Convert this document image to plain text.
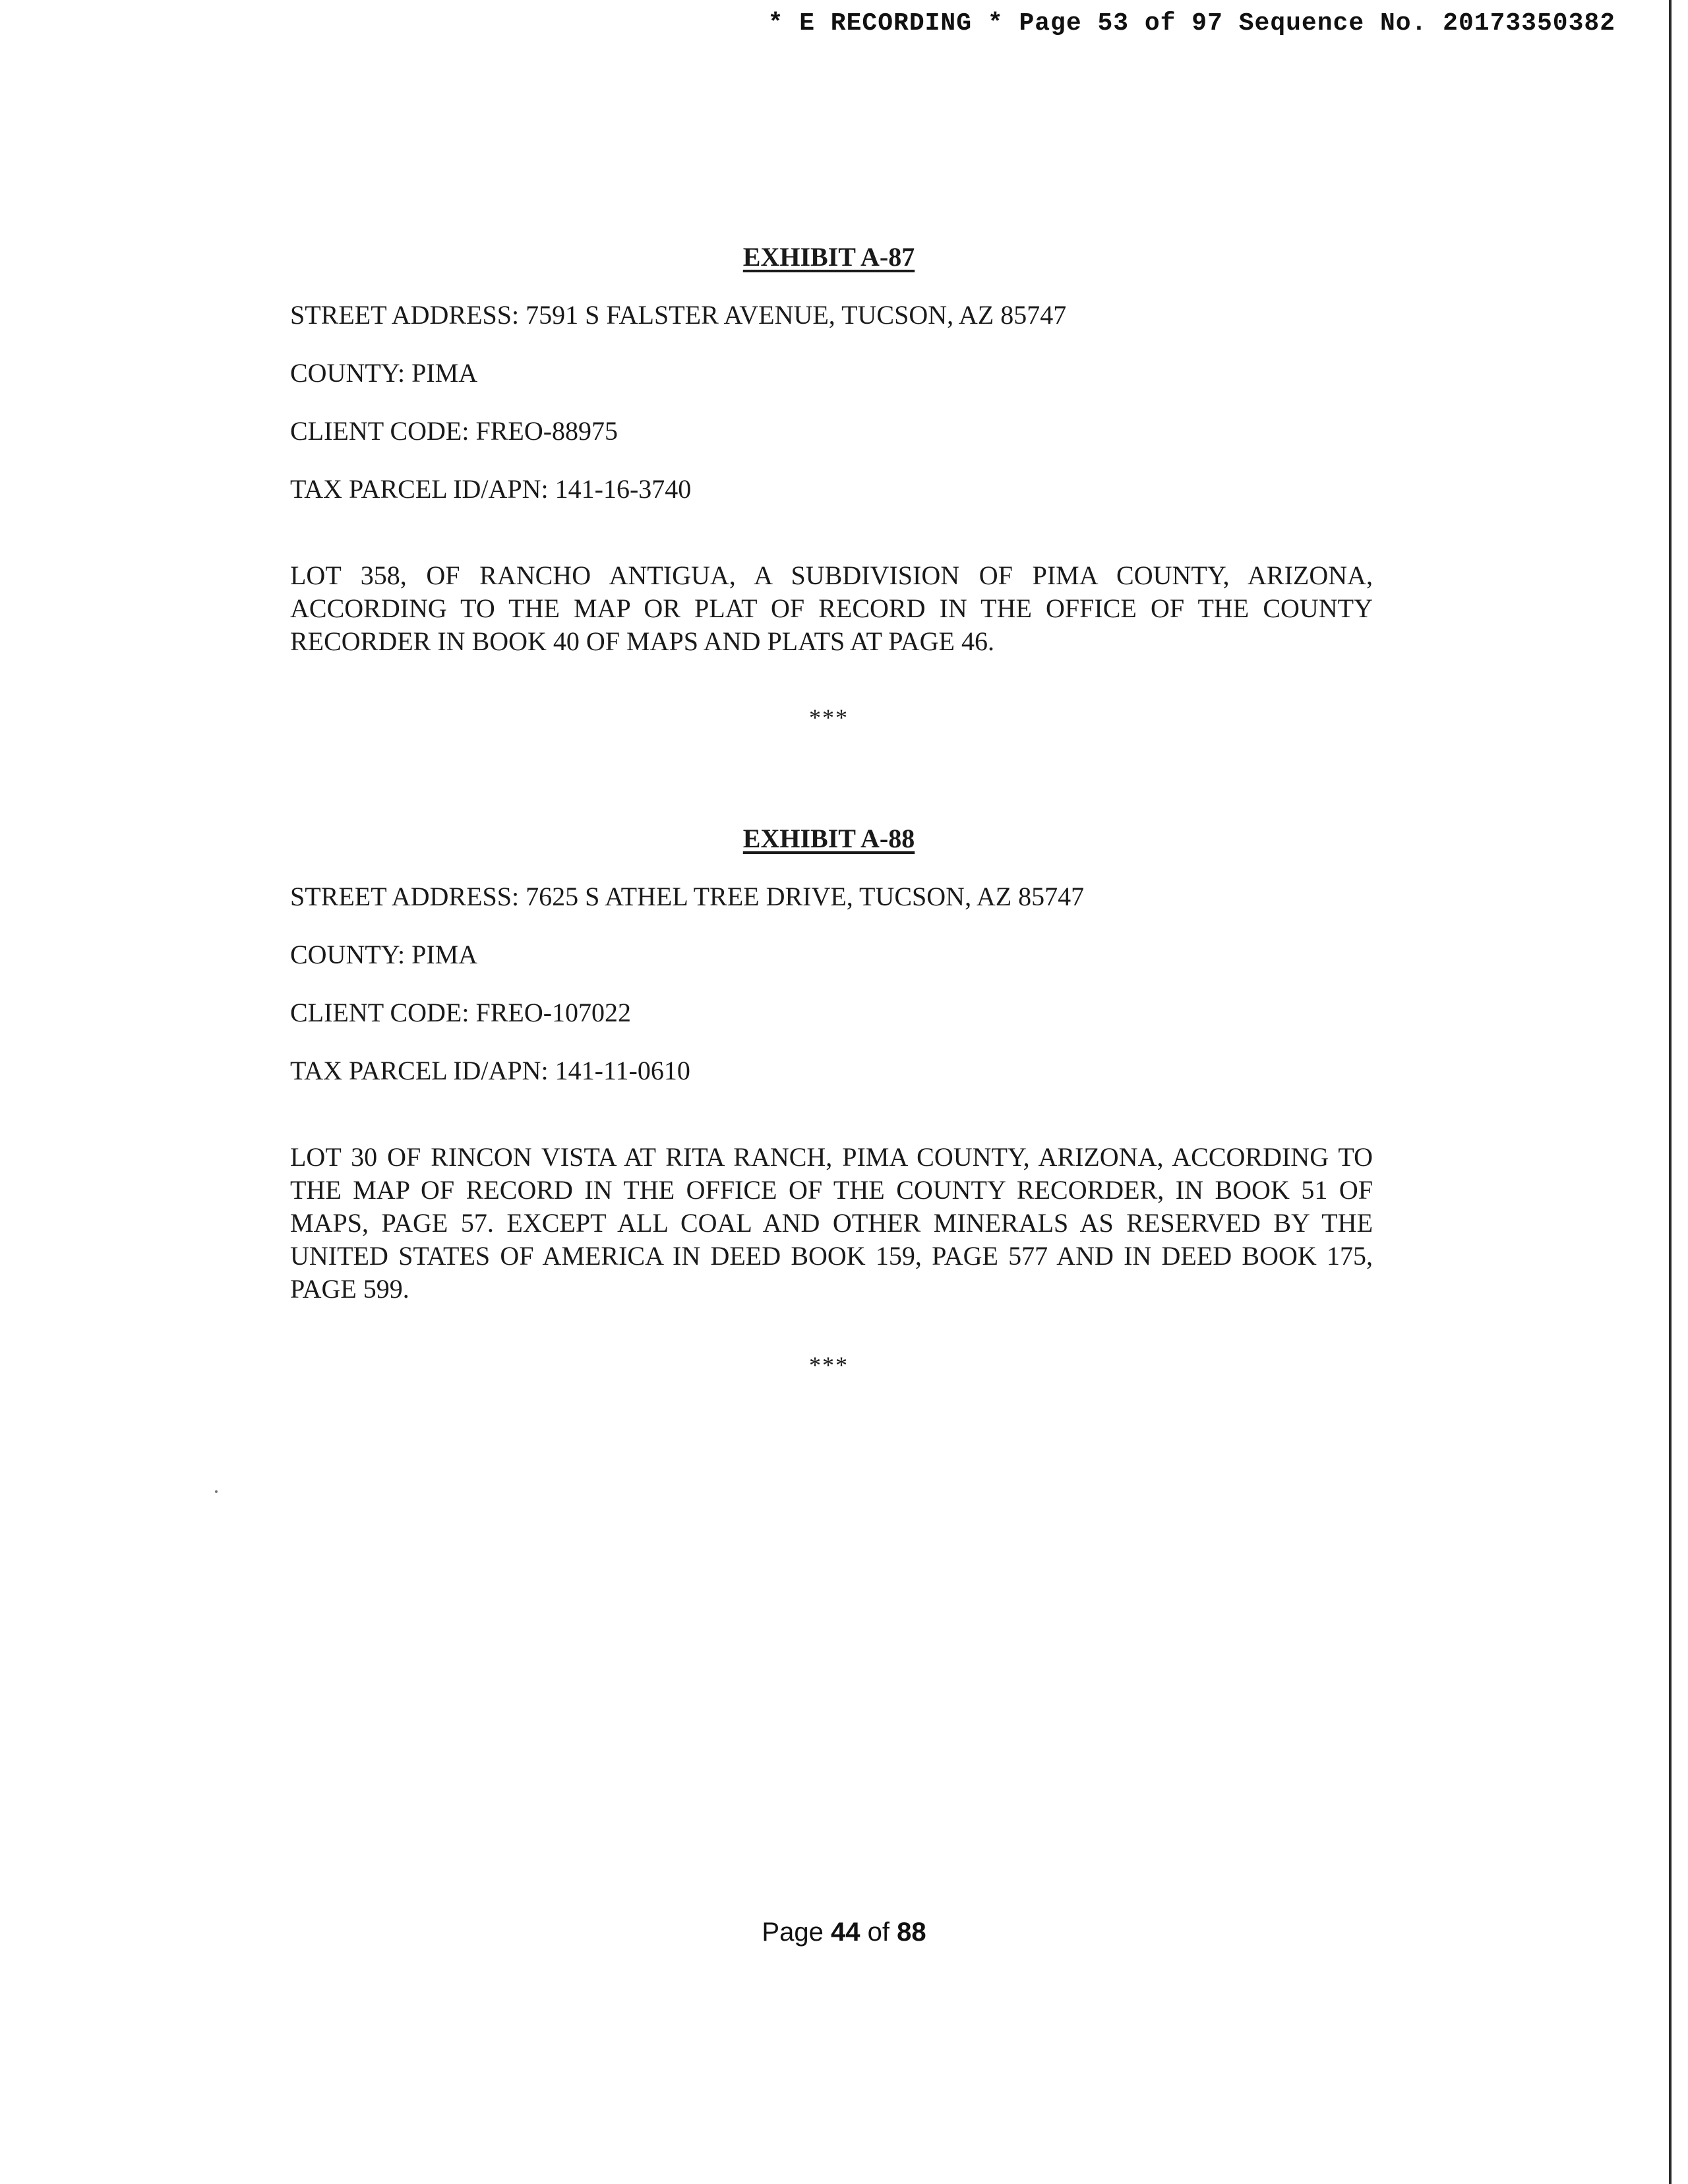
* E RECORDING * Page 53 of 97 Sequence No. 20173350382
EXHIBIT A-87
STREET ADDRESS: 7591 S FALSTER AVENUE, TUCSON, AZ 85747
COUNTY: PIMA
CLIENT CODE: FREO-88975
TAX PARCEL ID/APN: 141-16-3740
LOT 358, OF RANCHO ANTIGUA, A SUBDIVISION OF PIMA COUNTY, ARIZONA, ACCORDING TO THE MAP OR PLAT OF RECORD IN THE OFFICE OF THE COUNTY RECORDER IN BOOK 40 OF MAPS AND PLATS AT PAGE 46.
***
EXHIBIT A-88
STREET ADDRESS: 7625 S ATHEL TREE DRIVE, TUCSON, AZ 85747
COUNTY: PIMA
CLIENT CODE: FREO-107022
TAX PARCEL ID/APN: 141-11-0610
LOT 30 OF RINCON VISTA AT RITA RANCH, PIMA COUNTY, ARIZONA, ACCORDING TO THE MAP OF RECORD IN THE OFFICE OF THE COUNTY RECORDER, IN BOOK 51 OF MAPS, PAGE 57. EXCEPT ALL COAL AND OTHER MINERALS AS RESERVED BY THE UNITED STATES OF AMERICA IN DEED BOOK 159, PAGE 577 AND IN DEED BOOK 175, PAGE 599.
***
Page 44 of 88
